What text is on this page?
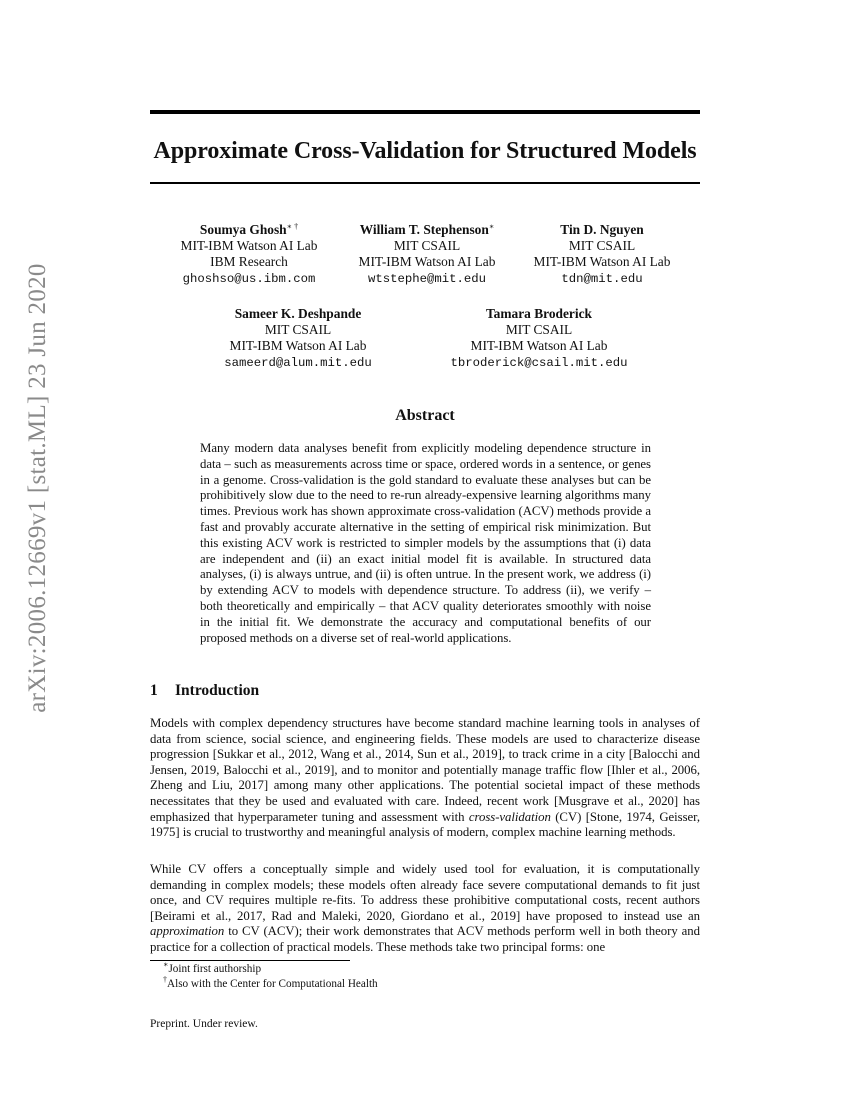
arXiv:2006.12669v1 [stat.ML] 23 Jun 2020
Approximate Cross-Validation for Structured Models
Soumya Ghosh∗ †
MIT-IBM Watson AI Lab
IBM Research
ghoshso@us.ibm.com
William T. Stephenson∗
MIT CSAIL
MIT-IBM Watson AI Lab
wtstephe@mit.edu
Tin D. Nguyen
MIT CSAIL
MIT-IBM Watson AI Lab
tdn@mit.edu
Sameer K. Deshpande
MIT CSAIL
MIT-IBM Watson AI Lab
sameerd@alum.mit.edu
Tamara Broderick
MIT CSAIL
MIT-IBM Watson AI Lab
tbroderick@csail.mit.edu
Abstract
Many modern data analyses benefit from explicitly modeling dependence structure in data – such as measurements across time or space, ordered words in a sentence, or genes in a genome. Cross-validation is the gold standard to evaluate these analyses but can be prohibitively slow due to the need to re-run already-expensive learning algorithms many times. Previous work has shown approximate cross-validation (ACV) methods provide a fast and provably accurate alternative in the setting of empirical risk minimization. But this existing ACV work is restricted to simpler models by the assumptions that (i) data are independent and (ii) an exact initial model fit is available. In structured data analyses, (i) is always untrue, and (ii) is often untrue. In the present work, we address (i) by extending ACV to models with dependence structure. To address (ii), we verify – both theoretically and empirically – that ACV quality deteriorates smoothly with noise in the initial fit. We demonstrate the accuracy and computational benefits of our proposed methods on a diverse set of real-world applications.
1 Introduction
Models with complex dependency structures have become standard machine learning tools in analyses of data from science, social science, and engineering fields. These models are used to characterize disease progression [Sukkar et al., 2012, Wang et al., 2014, Sun et al., 2019], to track crime in a city [Balocchi and Jensen, 2019, Balocchi et al., 2019], and to monitor and potentially manage traffic flow [Ihler et al., 2006, Zheng and Liu, 2017] among many other applications. The potential societal impact of these methods necessitates that they be used and evaluated with care. Indeed, recent work [Musgrave et al., 2020] has emphasized that hyperparameter tuning and assessment with cross-validation (CV) [Stone, 1974, Geisser, 1975] is crucial to trustworthy and meaningful analysis of modern, complex machine learning methods.
While CV offers a conceptually simple and widely used tool for evaluation, it is computationally demanding in complex models; these models often already face severe computational demands to fit just once, and CV requires multiple re-fits. To address these prohibitive computational costs, recent authors [Beirami et al., 2017, Rad and Maleki, 2020, Giordano et al., 2019] have proposed to instead use an approximation to CV (ACV); their work demonstrates that ACV methods perform well in both theory and practice for a collection of practical models. These methods take two principal forms: one
∗Joint first authorship
†Also with the Center for Computational Health
Preprint. Under review.
